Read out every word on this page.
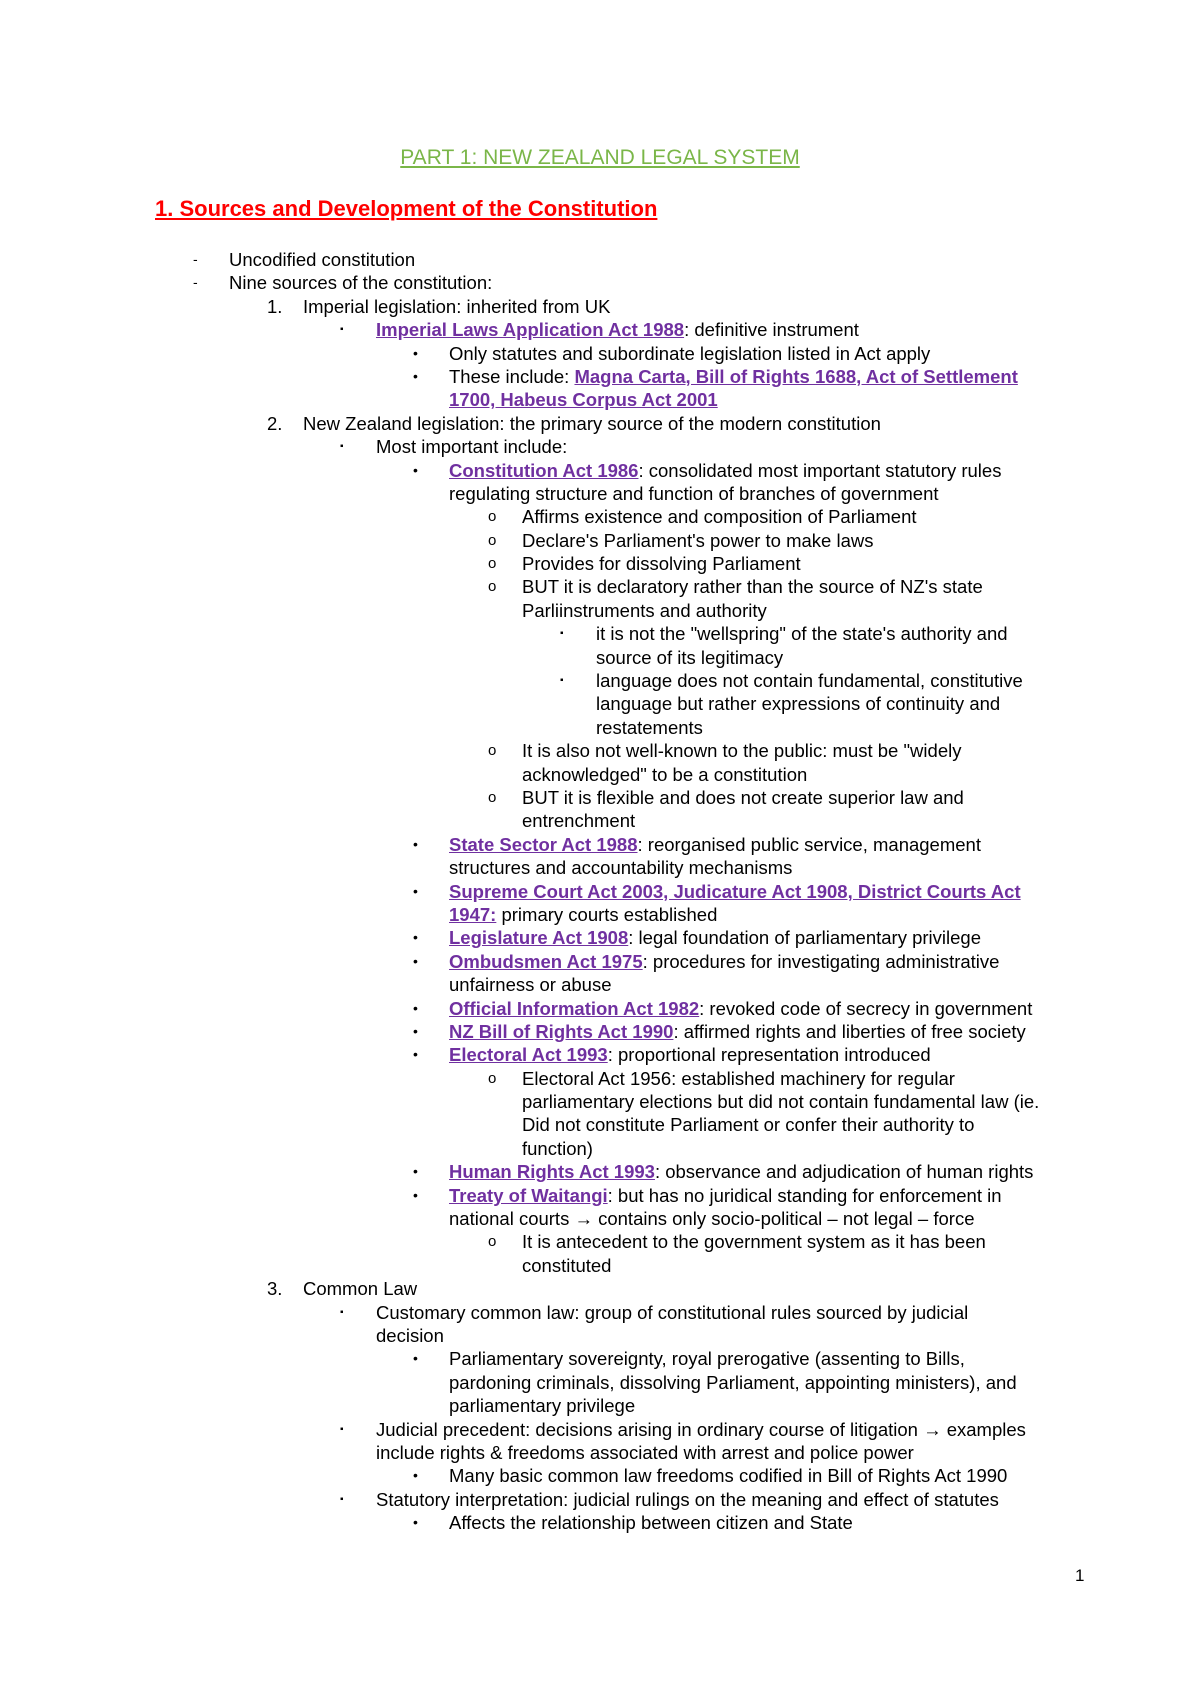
PART 1: NEW ZEALAND LEGAL SYSTEM
1. Sources and Development of the Constitution
-	Uncodified constitution
-	Nine sources of the constitution:
1.	Imperial legislation: inherited from UK
▪	Imperial Laws Application Act 1988: definitive instrument
•	Only statutes and subordinate legislation listed in Act apply
•	These include: Magna Carta, Bill of Rights 1688, Act of Settlement
1700, Habeus Corpus Act 2001
2.	New Zealand legislation: the primary source of the modern constitution
▪	Most important include:
•	Constitution Act 1986: consolidated most important statutory rules
regulating structure and function of branches of government
o	Affirms existence and composition of Parliament
o	Declare's Parliament's power to make laws
o	Provides for dissolving Parliament
o	BUT it is declaratory rather than the source of NZ's state
Parliinstruments and authority
▪	it is not the "wellspring" of the state's authority and
source of its legitimacy
▪	language does not contain fundamental, constitutive
language but rather expressions of continuity and
restatements
o	It is also not well-known to the public: must be "widely
acknowledged" to be a constitution
o	BUT it is flexible and does not create superior law and
entrenchment
•	State Sector Act 1988: reorganised public service, management
structures and accountability mechanisms
•	Supreme Court Act 2003, Judicature Act 1908, District Courts Act
1947: primary courts established
•	Legislature Act 1908: legal foundation of parliamentary privilege
•	Ombudsmen Act 1975: procedures for investigating administrative
unfairness or abuse
•	Official Information Act 1982: revoked code of secrecy in government
•	NZ Bill of Rights Act 1990: affirmed rights and liberties of free society
•	Electoral Act 1993: proportional representation introduced
o	Electoral Act 1956: established machinery for regular
parliamentary elections but did not contain fundamental law (ie.
Did not constitute Parliament or confer their authority to
function)
•	Human Rights Act 1993: observance and adjudication of human rights
•	Treaty of Waitangi: but has no juridical standing for enforcement in
national courts → contains only socio-political – not legal – force
o	It is antecedent to the government system as it has been
constituted
3.	Common Law
▪	Customary common law: group of constitutional rules sourced by judicial
decision
•	Parliamentary sovereignty, royal prerogative (assenting to Bills,
pardoning criminals, dissolving Parliament, appointing ministers), and
parliamentary privilege
▪	Judicial precedent: decisions arising in ordinary course of litigation → examples
include rights & freedoms associated with arrest and police power
•	Many basic common law freedoms codified in Bill of Rights Act 1990
▪	Statutory interpretation: judicial rulings on the meaning and effect of statutes
•	Affects the relationship between citizen and State
1
